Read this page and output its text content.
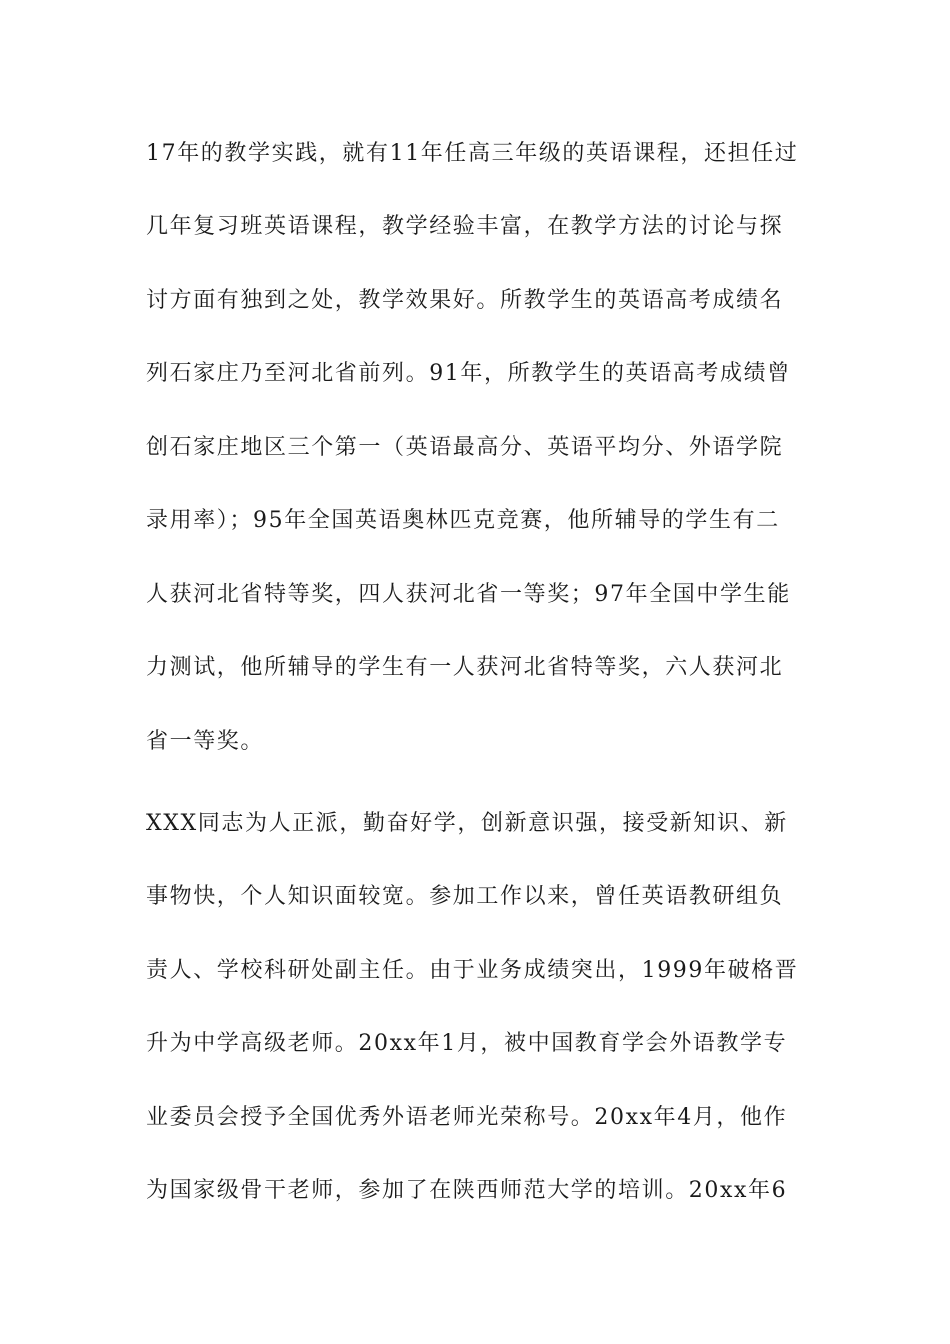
17年的教学实践，就有11年任高三年级的英语课程，还担任过
几年复习班英语课程，教学经验丰富，在教学方法的讨论与探
讨方面有独到之处，教学效果好。所教学生的英语高考成绩名
列石家庄乃至河北省前列。91年，所教学生的英语高考成绩曾
创石家庄地区三个第一（英语最高分、英语平均分、外语学院
录用率）；95年全国英语奥林匹克竞赛，他所辅导的学生有二
人获河北省特等奖，四人获河北省一等奖；97年全国中学生能
力测试，他所辅导的学生有一人获河北省特等奖，六人获河北
省一等奖。
XXX同志为人正派，勤奋好学，创新意识强，接受新知识、新
事物快，个人知识面较宽。参加工作以来，曾任英语教研组负
责人、学校科研处副主任。由于业务成绩突出，1999年破格晋
升为中学高级老师。20xx年1月，被中国教育学会外语教学专
业委员会授予全国优秀外语老师光荣称号。20xx年4月，他作
为国家级骨干老师，参加了在陕西师范大学的培训。20xx年6
